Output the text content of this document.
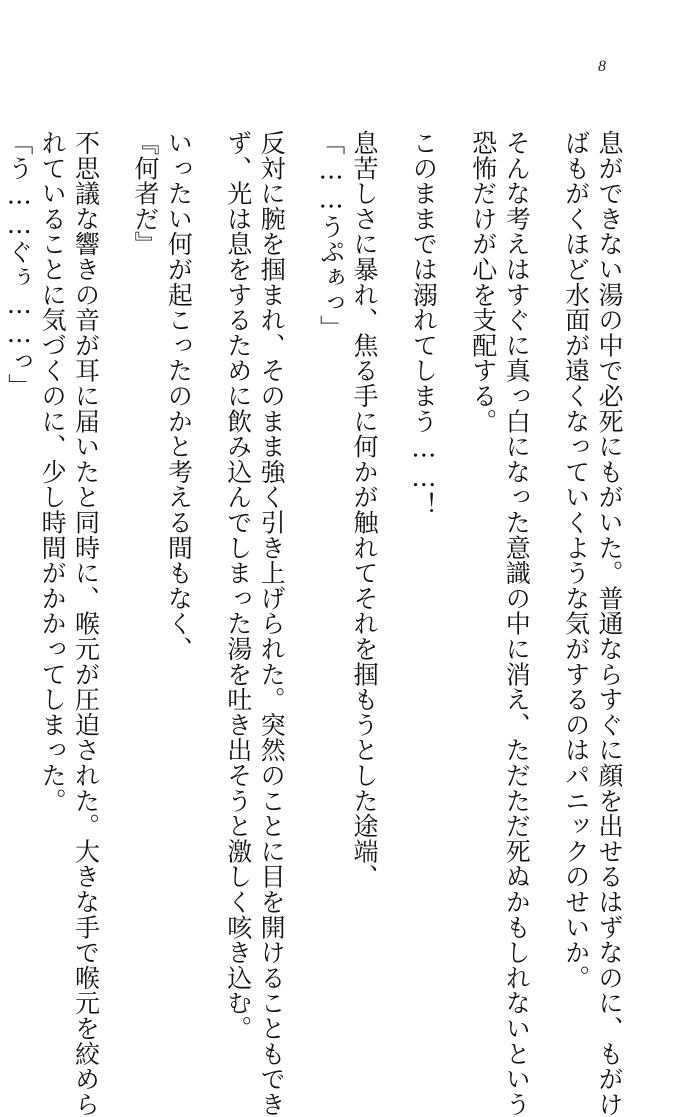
8
息ができない湯の中で必死にもがいた。普通ならすぐに顔を出せるはずなのに、もがけ
ばもがくほど水面が遠くなっていくような気がするのはパニックのせいか。
そんな考えはすぐに真っ白になった意識の中に消え、ただただ死ぬかもしれないという
恐怖だけが心を支配する。
このままでは溺れてしまう……！
息苦しさに暴れ、焦る手に何かが触れてそれを掴もうとした途端、
「……うぷぁっ」
反対に腕を掴まれ、そのまま強く引き上げられた。突然のことに目を開けることもでき
ず、光は息をするために飲み込んでしまった湯を吐き出そうと激しく咳き込む。
いったい何が起こったのかと考える間もなく、
『何者だ』
不思議な響きの音が耳に届いたと同時に、喉元が圧迫された。大きな手で喉元を絞めら
れていることに気づくのに、少し時間がかかってしまった。
「う……ぐぅ……っ」
